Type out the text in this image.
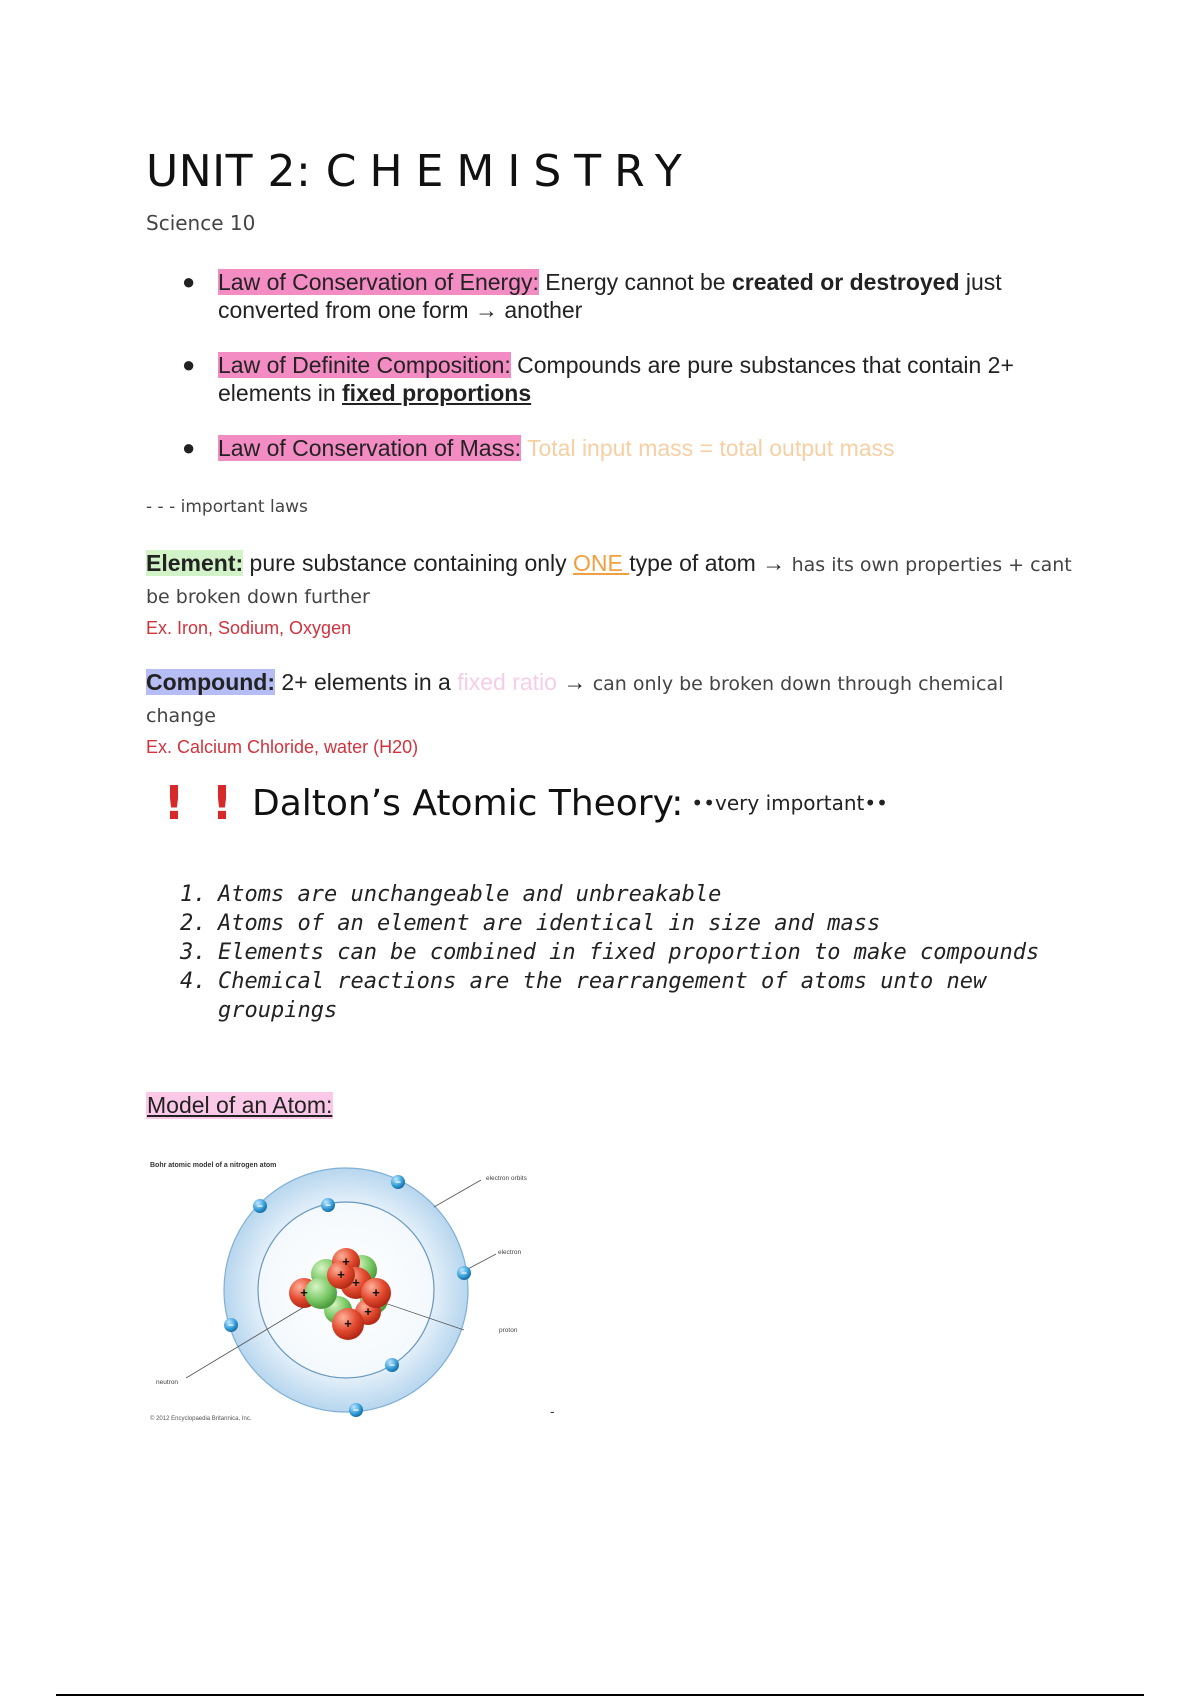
UNIT 2: CHEMISTRY
Science 10
● Law of Conservation of Energy: Energy cannot be created or destroyed just converted from one form → another
● Law of Definite Composition: Compounds are pure substances that contain 2+ elements in fixed proportions
● Law of Conservation of Mass: Total input mass = total output mass
- - - important laws
Element: pure substance containing only ONE type of atom → has its own properties + cant be broken down further
Ex. Iron, Sodium, Oxygen
Compound: 2+ elements in a fixed ratio → can only be broken down through chemical change
Ex. Calcium Chloride, water (H20)
! ! Dalton’s Atomic Theory: ••very important••
1. Atoms are unchangeable and unbreakable
2. Atoms of an element are identical in size and mass
3. Elements can be combined in fixed proportion to make compounds
4. Chemical reactions are the rearrangement of atoms unto new groupings
Model of an Atom:
Bohr atomic model of a nitrogen atom
electron orbits
electron
proton
neutron
+
+
+
+
+
+
+
−
−	−
−
−
−
−
© 2012 Encyclopaedia Britannica, Inc.	-
